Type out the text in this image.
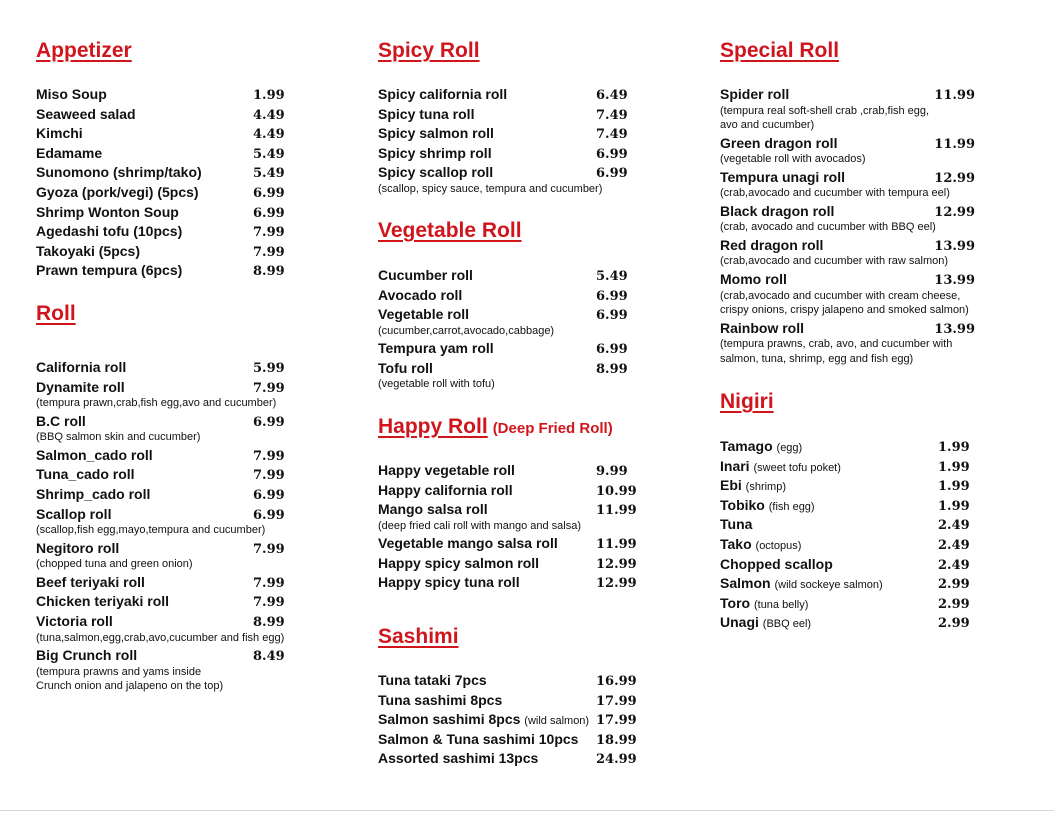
Appetizer
Miso Soup	1.99
Seaweed salad	4.49
Kimchi	4.49
Edamame	5.49
Sunomono (shrimp/tako)	5.49
Gyoza (pork/vegi) (5pcs)	6.99
Shrimp Wonton Soup	6.99
Agedashi tofu (10pcs)	7.99
Takoyaki (5pcs)	7.99
Prawn tempura (6pcs)	8.99
Roll
California roll	5.99
Dynamite roll	7.99
(tempura prawn,crab,fish egg,avo and cucumber)
B.C roll	6.99
(BBQ salmon skin and cucumber)
Salmon_cado roll	7.99
Tuna_cado roll	7.99
Shrimp_cado roll	6.99
Scallop roll	6.99
(scallop,fish egg,mayo,tempura and cucumber)
Negitoro roll	7.99
(chopped tuna and green onion)
Beef teriyaki roll	7.99
Chicken teriyaki roll	7.99
Victoria roll	8.99
(tuna,salmon,egg,crab,avo,cucumber and fish egg)
Big Crunch roll	8.49
(tempura prawns and yams inside
Crunch onion and jalapeno on the top)
Spicy Roll
Spicy california roll	6.49
Spicy tuna roll	7.49
Spicy salmon roll	7.49
Spicy shrimp roll	6.99
Spicy scallop roll	6.99
(scallop, spicy sauce, tempura and cucumber)
Vegetable Roll
Cucumber roll	5.49
Avocado roll	6.99
Vegetable roll	6.99
(cucumber,carrot,avocado,cabbage)
Tempura yam roll	6.99
Tofu roll	8.99
(vegetable roll with tofu)
Happy Roll (Deep Fried Roll)
Happy vegetable roll	9.99
Happy california roll	10.99
Mango salsa roll	11.99
(deep fried cali roll with mango and salsa)
Vegetable mango salsa roll	11.99
Happy spicy salmon roll	12.99
Happy spicy tuna roll	12.99
Sashimi
Tuna tataki 7pcs	16.99
Tuna sashimi 8pcs	17.99
Salmon sashimi 8pcs (wild salmon) 17.99
Salmon & Tuna sashimi 10pcs 18.99
Assorted sashimi 13pcs	24.99
Special Roll
Spider roll	11.99
(tempura real soft-shell crab ,crab,fish egg,
avo and cucumber)
Green dragon roll	11.99
(vegetable roll with avocados)
Tempura unagi roll	12.99
(crab,avocado and cucumber with tempura eel)
Black dragon roll	12.99
(crab, avocado and cucumber with BBQ eel)
Red dragon roll	13.99
(crab,avocado and cucumber with raw salmon)
Momo roll	13.99
(crab,avocado and cucumber with cream cheese,
crispy onions, crispy jalapeno and smoked salmon)
Rainbow roll	13.99
(tempura prawns, crab, avo, and cucumber with
salmon, tuna, shrimp, egg and fish egg)
Nigiri
Tamago (egg)	1.99
Inari (sweet tofu poket)	1.99
Ebi (shrimp)	1.99
Tobiko (fish egg)	1.99
Tuna	2.49
Tako (octopus)	2.49
Chopped scallop	2.49
Salmon (wild sockeye salmon)	2.99
Toro (tuna belly)	2.99
Unagi (BBQ eel)	2.99
